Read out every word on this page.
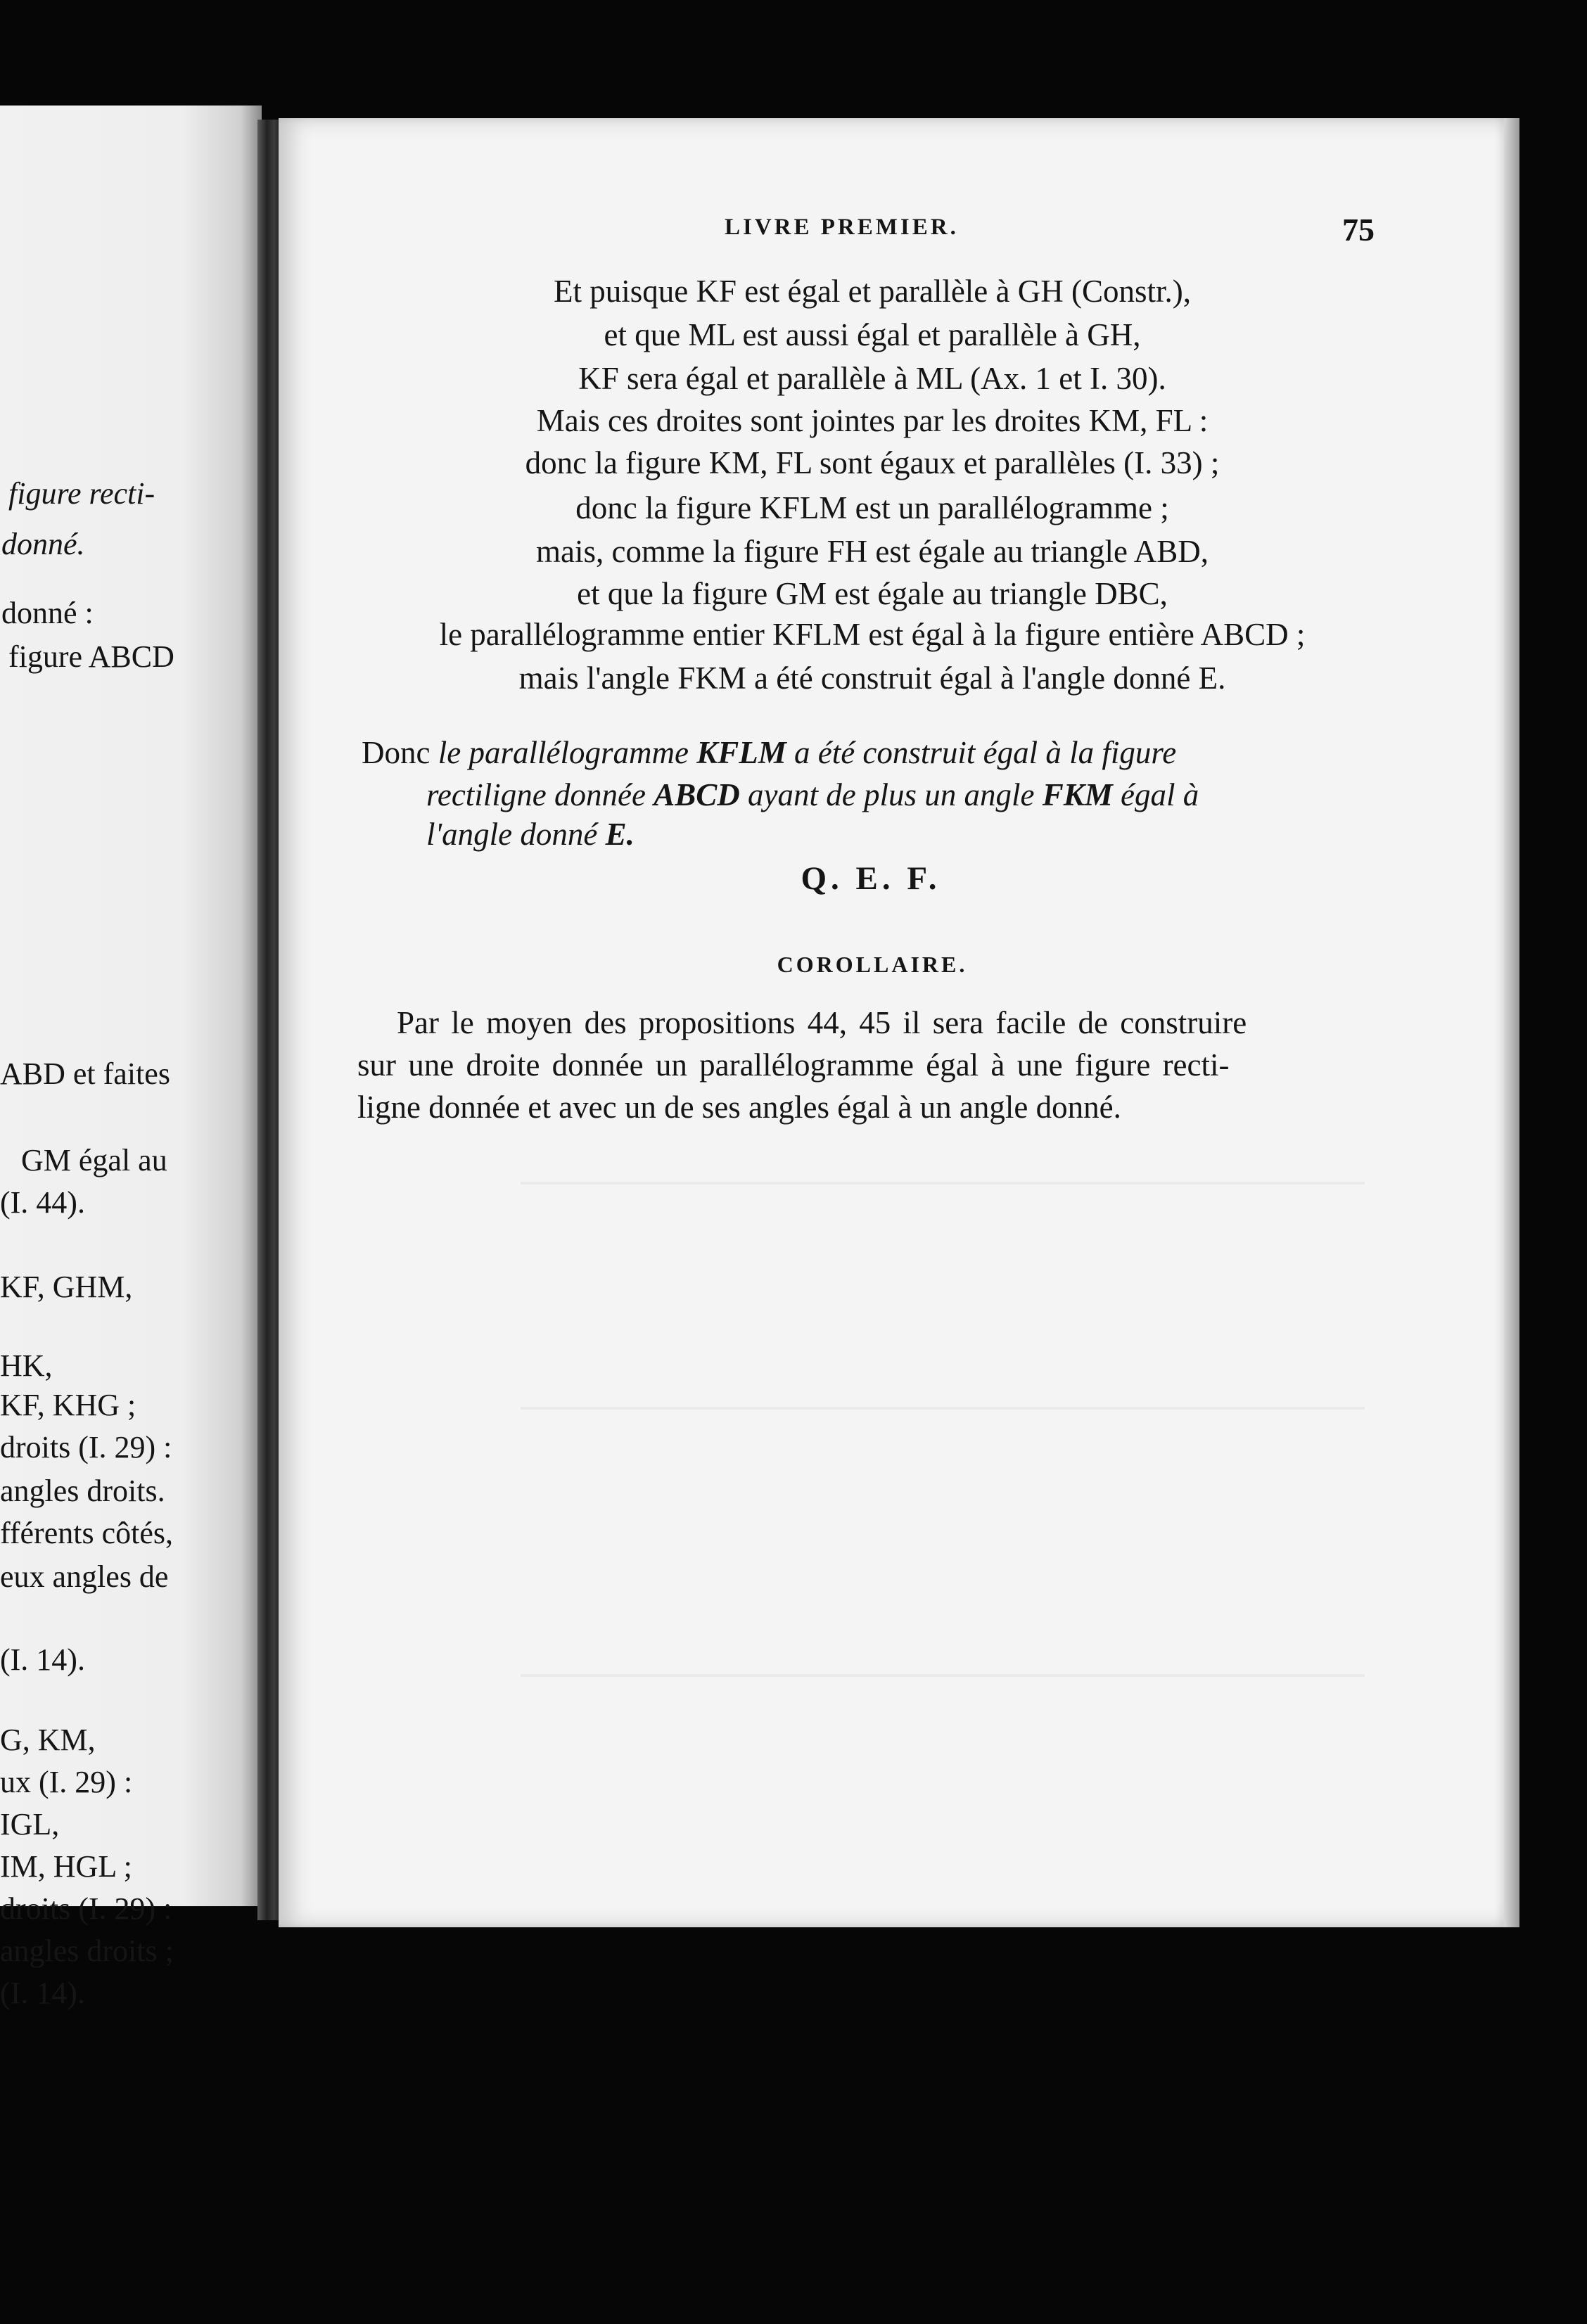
figure recti-
donné.
donné :
figure ABCD
ABD et faites
GM égal au
(I. 44).
KF, GHM,
HK,
KF, KHG ;
droits (I. 29) :
angles droits.
fférents côtés,
eux angles de
(I. 14).
G, KM,
ux (I. 29) :
IGL,
IM, HGL ;
droits (I. 29) :
angles droits ;
(I. 14).
LIVRE PREMIER.	75
Et puisque KF est égal et parallèle à GH (Constr.),
et que ML est aussi égal et parallèle à GH,
KF sera égal et parallèle à ML (Ax. 1 et I. 30).
Mais ces droites sont jointes par les droites KM, FL :
donc la figure KM, FL sont égaux et parallèles (I. 33) ;
donc la figure KFLM est un parallélogramme ;
mais, comme la figure FH est égale au triangle ABD,
et que la figure GM est égale au triangle DBC,
le parallélogramme entier KFLM est égal à la figure entière ABCD ;
mais l'angle FKM a été construit égal à l'angle donné E.
Donc le parallélogramme KFLM a été construit égal à la figure
rectiligne donnée ABCD ayant de plus un angle FKM égal à
l'angle donné E.
Q. E. F.
COROLLAIRE.
Par le moyen des propositions 44, 45 il sera facile de construire
sur une droite donnée un parallélogramme égal à une figure recti-
ligne donnée et avec un de ses angles égal à un angle donné.
